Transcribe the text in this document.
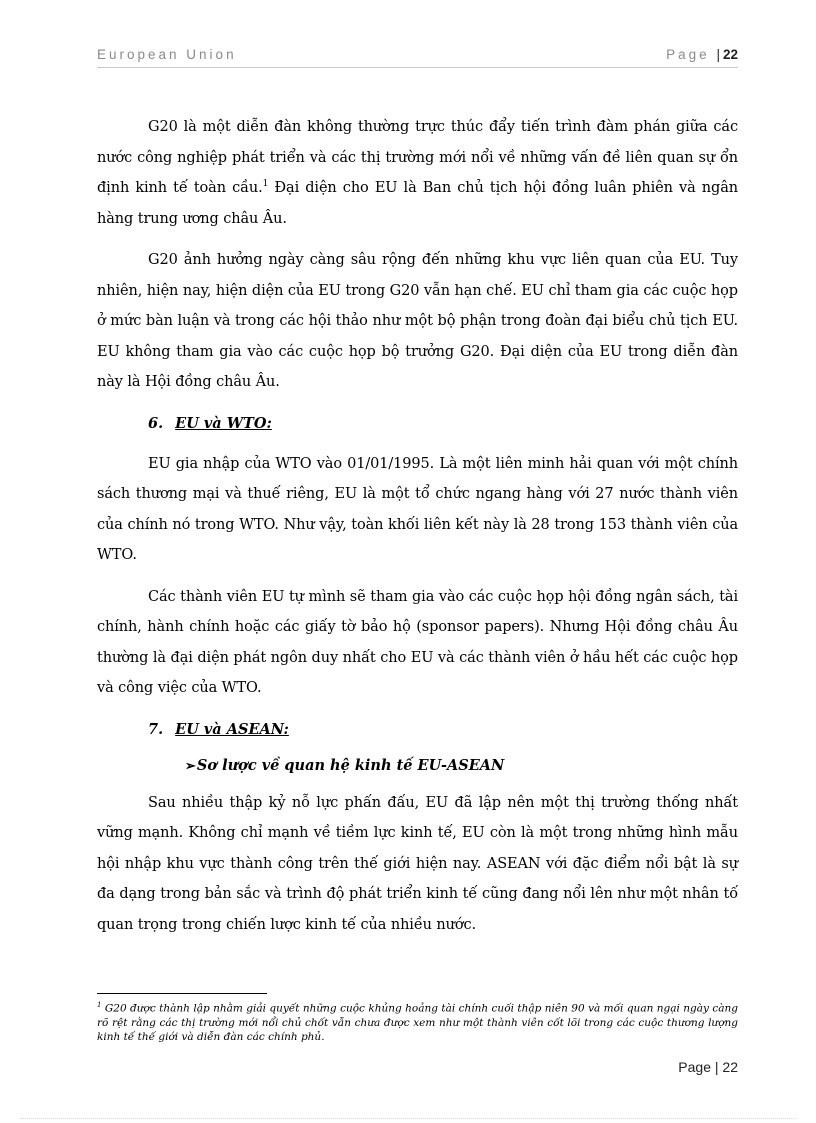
European Union	Page | 22

G20 là một diễn đàn không thường trực thúc đẩy tiến trình đàm phán giữa các nước công nghiệp phát triển và các thị trường mới nổi về những vấn đề liên quan sự ổn định kinh tế toàn cầu.$^1$ Đại diện cho EU là Ban chủ tịch hội đồng luân phiên và ngân hàng trung ương châu Âu.

G20 ảnh hưởng ngày càng sâu rộng đến những khu vực liên quan của EU. Tuy nhiên, hiện nay, hiện diện của EU trong G20 vẫn hạn chế. EU chỉ tham gia các cuộc họp ở mức bàn luận và trong các hội thảo như một bộ phận trong đoàn đại biểu chủ tịch EU. EU không tham gia vào các cuộc họp bộ trưởng G20. Đại diện của EU trong diễn đàn này là Hội đồng châu Âu.

6. EU và WTO:

EU gia nhập của WTO vào 01/01/1995. Là một liên minh hải quan với một chính sách thương mại và thuế riêng, EU là một tổ chức ngang hàng với 27 nước thành viên của chính nó trong WTO. Như vậy, toàn khối liên kết này là 28 trong 153 thành viên của WTO.

Các thành viên EU tự mình sẽ tham gia vào các cuộc họp hội đồng ngân sách, tài chính, hành chính hoặc các giấy tờ bảo hộ (sponsor papers). Nhưng Hội đồng châu Âu thường là đại diện phát ngôn duy nhất cho EU và các thành viên ở hầu hết các cuộc họp và công việc của WTO.

7. EU và ASEAN:
➢Sơ lược về quan hệ kinh tế EU-ASEAN

Sau nhiều thập kỷ nỗ lực phấn đấu, EU đã lập nên một thị trường thống nhất vững mạnh. Không chỉ mạnh về tiềm lực kinh tế, EU còn là một trong những hình mẫu hội nhập khu vực thành công trên thế giới hiện nay. ASEAN với đặc điểm nổi bật là sự đa dạng trong bản sắc và trình độ phát triển kinh tế cũng đang nổi lên như một nhân tố quan trọng trong chiến lược kinh tế của nhiều nước.

$^1$ G20 được thành lập nhằm giải quyết những cuộc khủng hoảng tài chính cuối thập niên 90 và mối quan ngại ngày càng rõ rệt rằng các thị trường mới nổi chủ chốt vẫn chưa được xem như một thành viên cốt lõi trong các cuộc thương lượng kinh tế thế giới và diễn đàn các chính phủ.
Page | 22
